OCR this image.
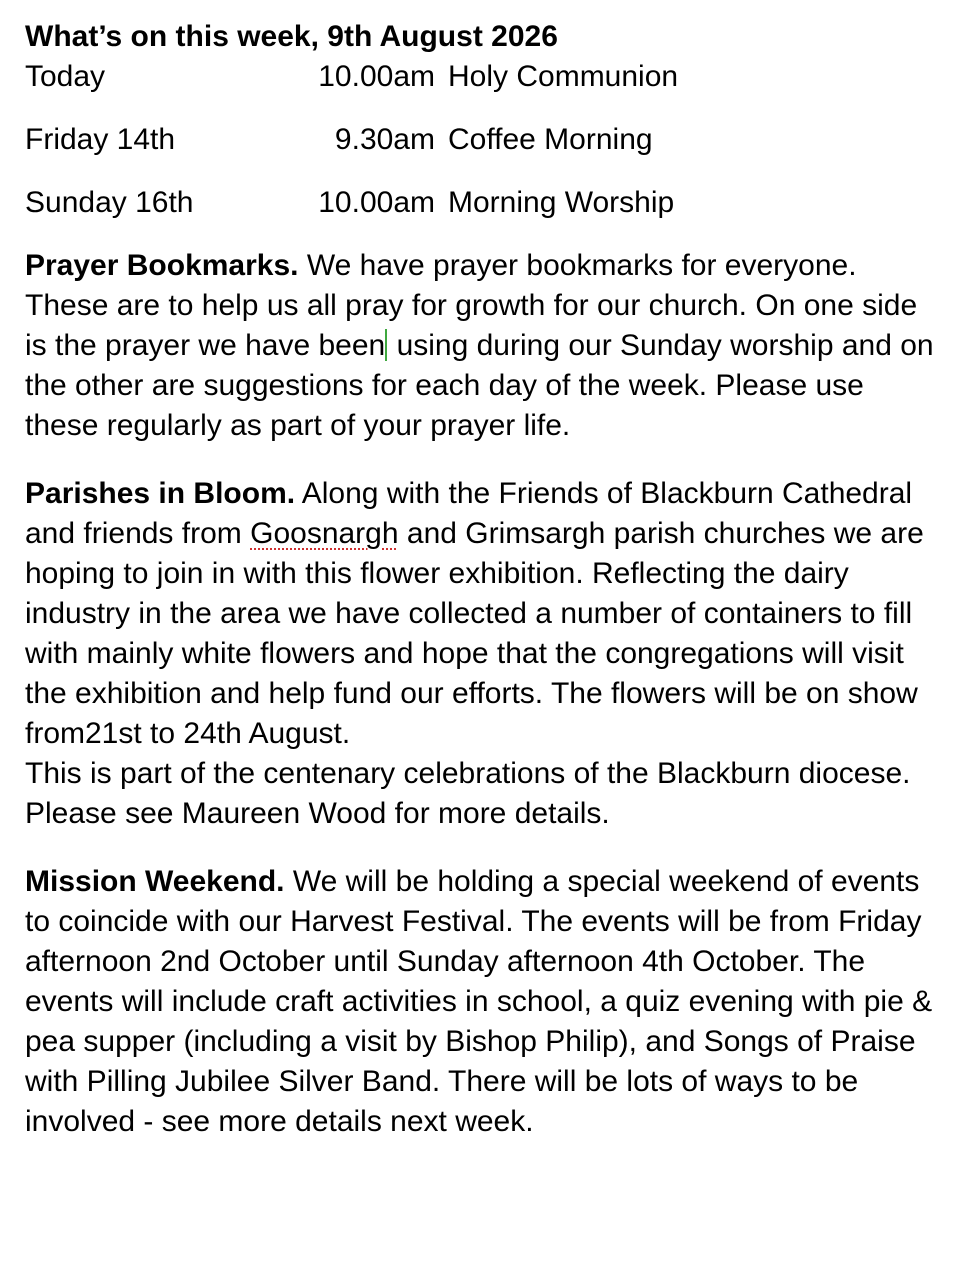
What’s on this week, 9th August 2026
Today	10.00am Holy Communion
Friday 14th	9.30am Coffee Morning
Sunday 16th	10.00am Morning Worship

Prayer Bookmarks. We have prayer bookmarks for everyone. These are to help us all pray for growth for our church. On one side is the prayer we have been using during our Sunday worship and on the other are suggestions for each day of the week. Please use these regularly as part of your prayer life.

Parishes in Bloom. Along with the Friends of Blackburn Cathedral and friends from Goosnargh and Grimsargh parish churches we are hoping to join in with this flower exhibition. Reflecting the dairy industry in the area we have collected a number of containers to fill with mainly white flowers and hope that the congregations will visit the exhibition and help fund our efforts. The flowers will be on show from21st to 24th August.
This is part of the centenary celebrations of the Blackburn diocese. Please see Maureen Wood for more details.

Mission Weekend. We will be holding a special weekend of events to coincide with our Harvest Festival. The events will be from Friday afternoon 2nd October until Sunday afternoon 4th October. The events will include craft activities in school, a quiz evening with pie & pea supper (including a visit by Bishop Philip), and Songs of Praise with Pilling Jubilee Silver Band. There will be lots of ways to be involved - see more details next week.
